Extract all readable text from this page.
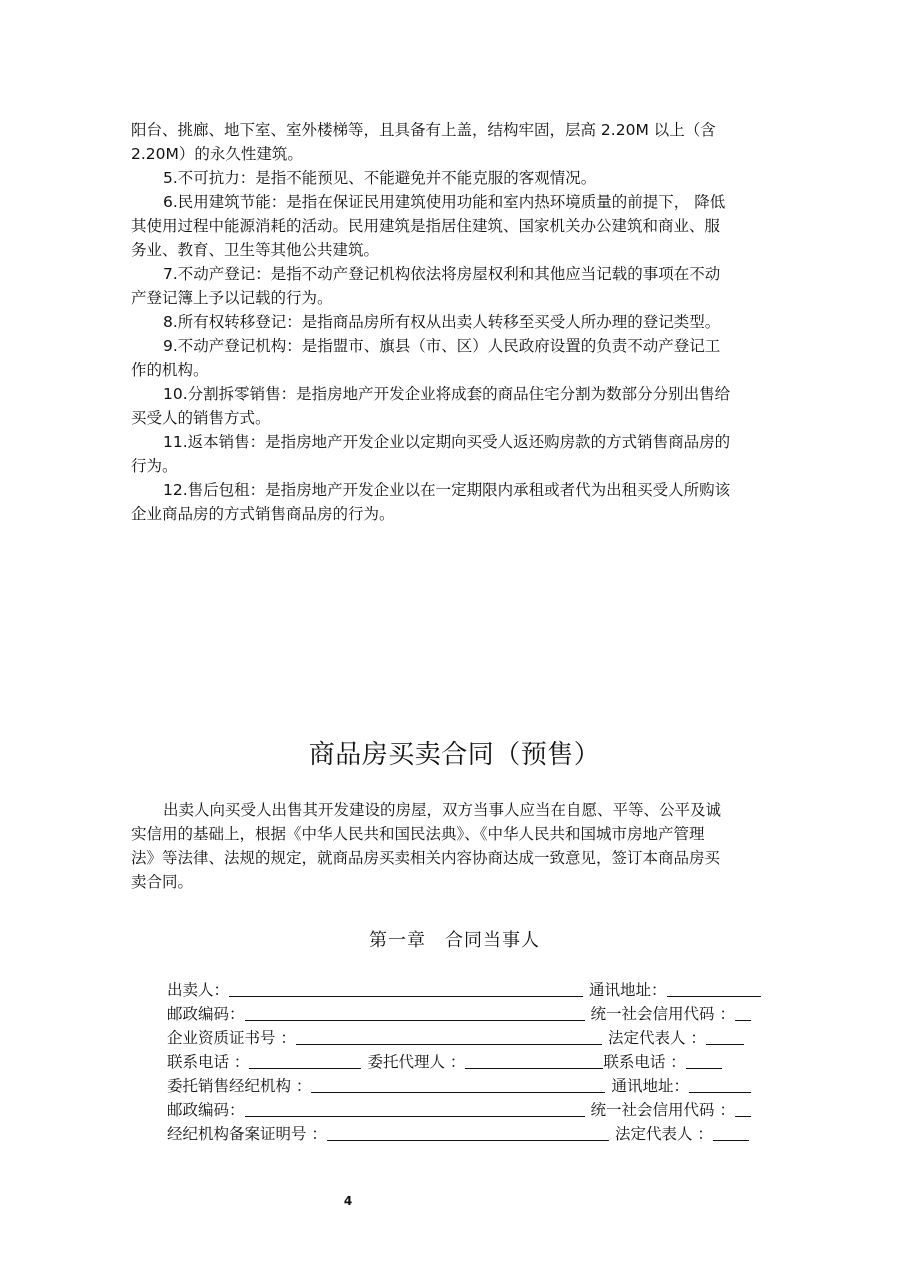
阳台、挑廊、地下室、室外楼梯等，且具备有上盖，结构牢固，层高 2.20M 以上（含
2.20M）的永久性建筑。
5.不可抗力：是指不能预见、不能避免并不能克服的客观情况。
6.民用建筑节能：是指在保证民用建筑使用功能和室内热环境质量的前提下， 降低
其使用过程中能源消耗的活动。民用建筑是指居住建筑、国家机关办公建筑和商业、服
务业、教育、卫生等其他公共建筑。
7.不动产登记：是指不动产登记机构依法将房屋权利和其他应当记载的事项在不动
产登记簿上予以记载的行为。
8.所有权转移登记：是指商品房所有权从出卖人转移至买受人所办理的登记类型。
9.不动产登记机构：是指盟市、旗县（市、区）人民政府设置的负责不动产登记工
作的机构。
10.分割拆零销售：是指房地产开发企业将成套的商品住宅分割为数部分分别出售给
买受人的销售方式。
11.返本销售：是指房地产开发企业以定期向买受人返还购房款的方式销售商品房的
行为。
12.售后包租：是指房地产开发企业以在一定期限内承租或者代为出租买受人所购该
企业商品房的方式销售商品房的行为。
商品房买卖合同（预售）
出卖人向买受人出售其开发建设的房屋，双方当事人应当在自愿、平等、公平及诚
实信用的基础上，根据《中华人民共和国民法典》、《中华人民共和国城市房地产管理
法》等法律、法规的规定，就商品房买卖相关内容协商达成一致意见，签订本商品房买
卖合同。
第一章　合同当事人
出卖人：	通讯地址：
邮政编码：	统一社会信用代码 ：
企业资质证书号 ：	法定代表人 ：
联系电话 ：	委托代理人 ：	联系电话 ：
委托销售经纪机构 ：	通讯地址：
邮政编码：	统一社会信用代码 ：
经纪机构备案证明号 ：	法定代表人 ：
4
